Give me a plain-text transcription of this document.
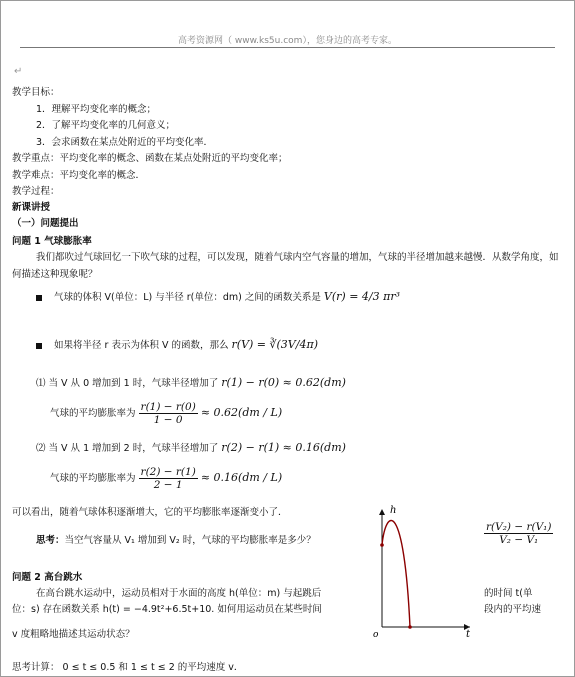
高考资源网（ www.ks5u.com），您身边的高考专家。
↵
教学目标：
1．理解平均变化率的概念；
2．了解平均变化率的几何意义；
3．会求函数在某点处附近的平均变化率．
教学重点：平均变化率的概念、函数在某点处附近的平均变化率；
教学难点：平均变化率的概念．
教学过程：
新课讲授
（一）问题提出
问题 1 气球膨胀率
我们都吹过气球回忆一下吹气球的过程，可以发现，随着气球内空气容量的增加，气球的半径增加越来越慢．从数学角度，如何描述这种现象呢？
气球的体积 V(单位：L) 与半径 r(单位：dm) 之间的函数关系是 V(r) = 4/3 πr³
如果将半径 r 表示为体积 V 的函数，那么 r(V) = ∛(3V/4π)
⑴ 当 V 从 0 增加到 1 时，气球半径增加了 r(1) − r(0) ≈ 0.62(dm)
气球的平均膨胀率为 $\frac{r(1) - r(0)}{1 - 0} \approx 0.62(dm / L)$
⑵ 当 V 从 1 增加到 2 时，气球半径增加了 r(2) − r(1) ≈ 0.16(dm)
气球的平均膨胀率为 $\frac{r(2) - r(1)}{2 - 1} \approx 0.16(dm / L)$
可以看出，随着气球体积逐渐增大，它的平均膨胀率逐渐变小了．
思考：当空气容量从 V₁ 增加到 V₂ 时，气球的平均膨胀率是多少？	$\frac{\text{r(V₂) − r(V₁)}}{\text{V₂ − V₁}}$
问题 2 高台跳水
在高台跳水运动中，运动员相对于水面的高度 h(单位：m) 与起跳后	的时间 t(单
位：s) 存在函数关系 h(t) = −4.9t²+6.5t+10. 如何用运动员在某些时间	段内的平均速
v 度粗略地描述其运动状态？
思考计算： 0 ≤ t ≤ 0.5 和 1 ≤ t ≤ 2 的平均速度 v．
h
t
o
